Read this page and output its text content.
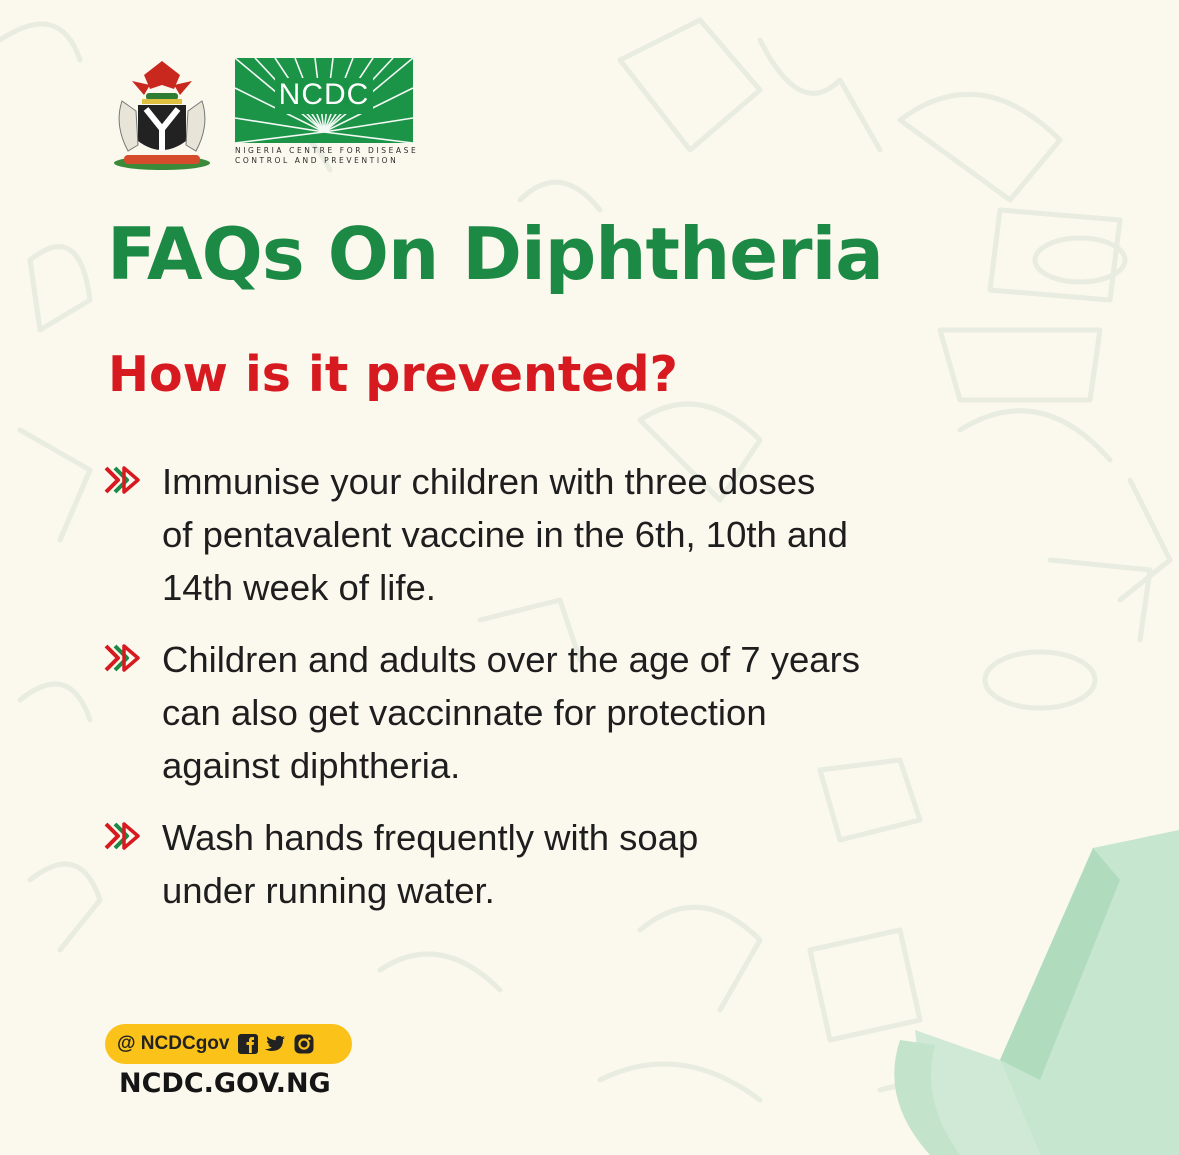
NCDC
NIGERIA CENTRE FOR DISEASE
CONTROL AND PREVENTION
FAQs On Diphtheria
How is it prevented?
Immunise your children with three doses
of pentavalent vaccine in the 6th, 10th and
14th week of life.
Children and adults over the age of 7 years
can also get vaccinnate for protection
against diphtheria.
Wash hands frequently with soap
under running water.
@ NCDCgov
NCDC.GOV.NG
